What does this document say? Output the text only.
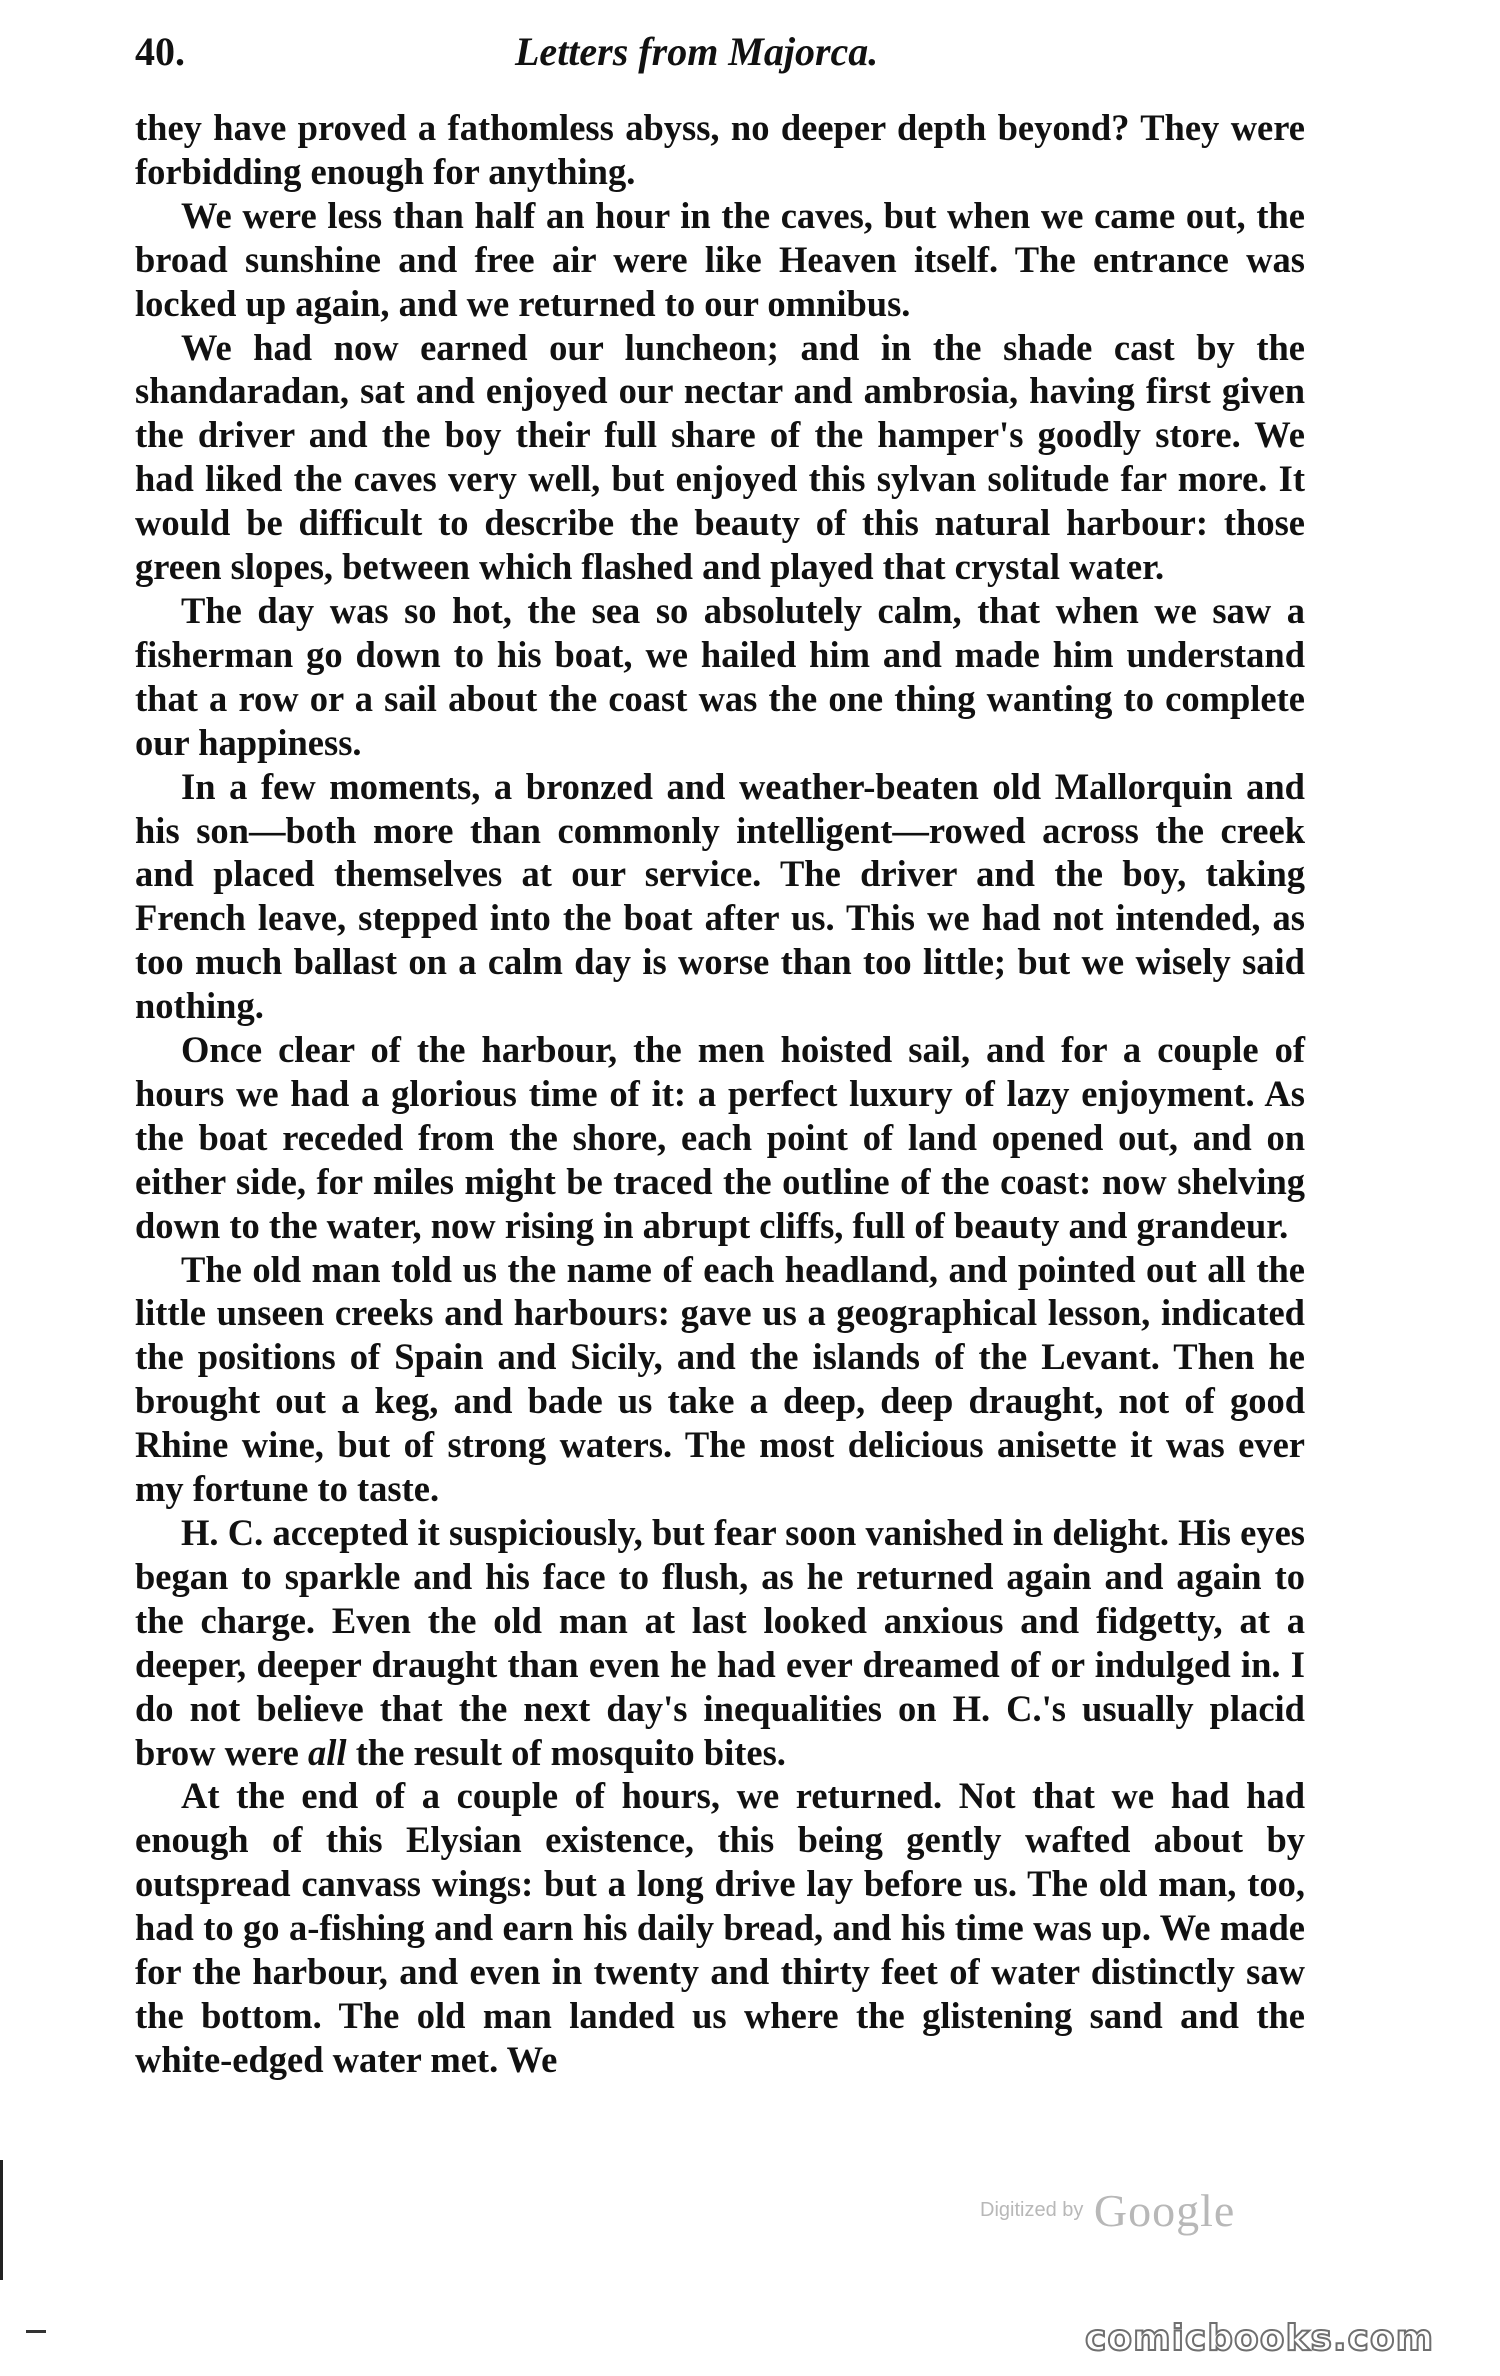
40.	Letters from Majorca.

they have proved a fathomless abyss, no deeper depth beyond? They were forbidding enough for anything.

We were less than half an hour in the caves, but when we came out, the broad sunshine and free air were like Heaven itself. The entrance was locked up again, and we returned to our omnibus.

We had now earned our luncheon; and in the shade cast by the shandaradan, sat and enjoyed our nectar and ambrosia, having first given the driver and the boy their full share of the hamper's goodly store. We had liked the caves very well, but enjoyed this sylvan solitude far more. It would be difficult to describe the beauty of this natural harbour: those green slopes, between which flashed and played that crystal water.

The day was so hot, the sea so absolutely calm, that when we saw a fisherman go down to his boat, we hailed him and made him understand that a row or a sail about the coast was the one thing wanting to complete our happiness.

In a few moments, a bronzed and weather-beaten old Mallorquin and his son—both more than commonly intelligent—rowed across the creek and placed themselves at our service. The driver and the boy, taking French leave, stepped into the boat after us. This we had not intended, as too much ballast on a calm day is worse than too little; but we wisely said nothing.

Once clear of the harbour, the men hoisted sail, and for a couple of hours we had a glorious time of it: a perfect luxury of lazy enjoyment. As the boat receded from the shore, each point of land opened out, and on either side, for miles might be traced the outline of the coast: now shelving down to the water, now rising in abrupt cliffs, full of beauty and grandeur.

The old man told us the name of each headland, and pointed out all the little unseen creeks and harbours: gave us a geographical lesson, indicated the positions of Spain and Sicily, and the islands of the Levant. Then he brought out a keg, and bade us take a deep, deep draught, not of good Rhine wine, but of strong waters. The most delicious anisette it was ever my fortune to taste.

H. C. accepted it suspiciously, but fear soon vanished in delight. His eyes began to sparkle and his face to flush, as he returned again and again to the charge. Even the old man at last looked anxious and fidgetty, at a deeper, deeper draught than even he had ever dreamed of or indulged in. I do not believe that the next day's inequalities on H. C.'s usually placid brow were all the result of mosquito bites.

At the end of a couple of hours, we returned. Not that we had had enough of this Elysian existence, this being gently wafted about by outspread canvass wings: but a long drive lay before us. The old man, too, had to go a-fishing and earn his daily bread, and his time was up. We made for the harbour, and even in twenty and thirty feet of water distinctly saw the bottom. The old man landed us where the glistening sand and the white-edged water met. We

Digitized by Google
comicbooks.com
